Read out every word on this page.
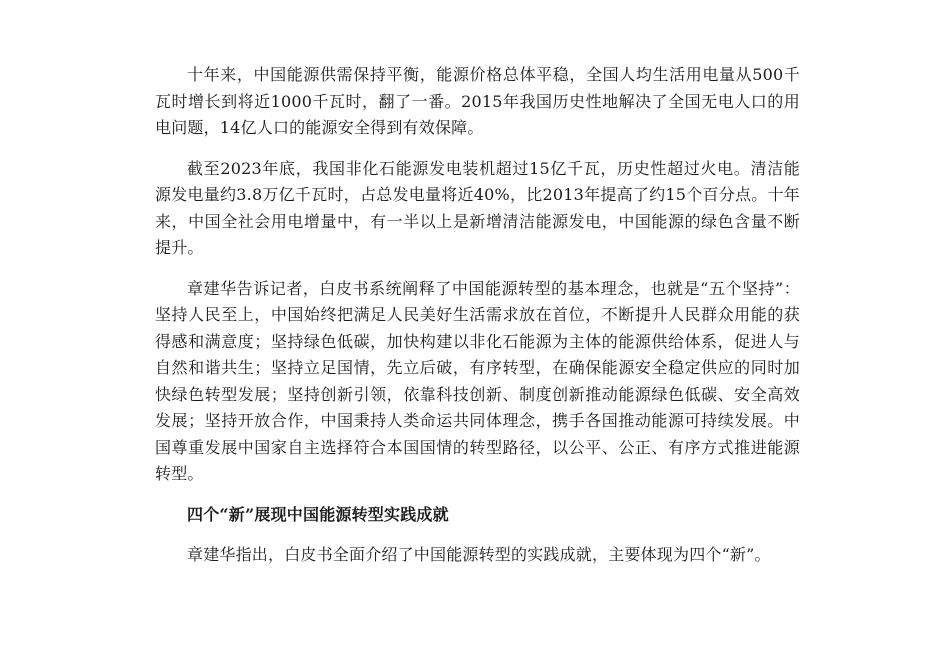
十年来，中国能源供需保持平衡，能源价格总体平稳，全国人均生活用电量从500千瓦时增长到将近1000千瓦时，翻了一番。2015年我国历史性地解决了全国无电人口的用电问题，14亿人口的能源安全得到有效保障。

截至2023年底，我国非化石能源发电装机超过15亿千瓦，历史性超过火电。清洁能源发电量约3.8万亿千瓦时，占总发电量将近40%，比2013年提高了约15个百分点。十年来，中国全社会用电增量中，有一半以上是新增清洁能源发电，中国能源的绿色含量不断提升。

章建华告诉记者，白皮书系统阐释了中国能源转型的基本理念，也就是“五个坚持”：坚持人民至上，中国始终把满足人民美好生活需求放在首位，不断提升人民群众用能的获得感和满意度；坚持绿色低碳，加快构建以非化石能源为主体的能源供给体系，促进人与自然和谐共生；坚持立足国情，先立后破，有序转型，在确保能源安全稳定供应的同时加快绿色转型发展；坚持创新引领，依靠科技创新、制度创新推动能源绿色低碳、安全高效发展；坚持开放合作，中国秉持人类命运共同体理念，携手各国推动能源可持续发展。中国尊重发展中国家自主选择符合本国国情的转型路径，以公平、公正、有序方式推进能源转型。

四个“新”展现中国能源转型实践成就

章建华指出，白皮书全面介绍了中国能源转型的实践成就，主要体现为四个“新”。
